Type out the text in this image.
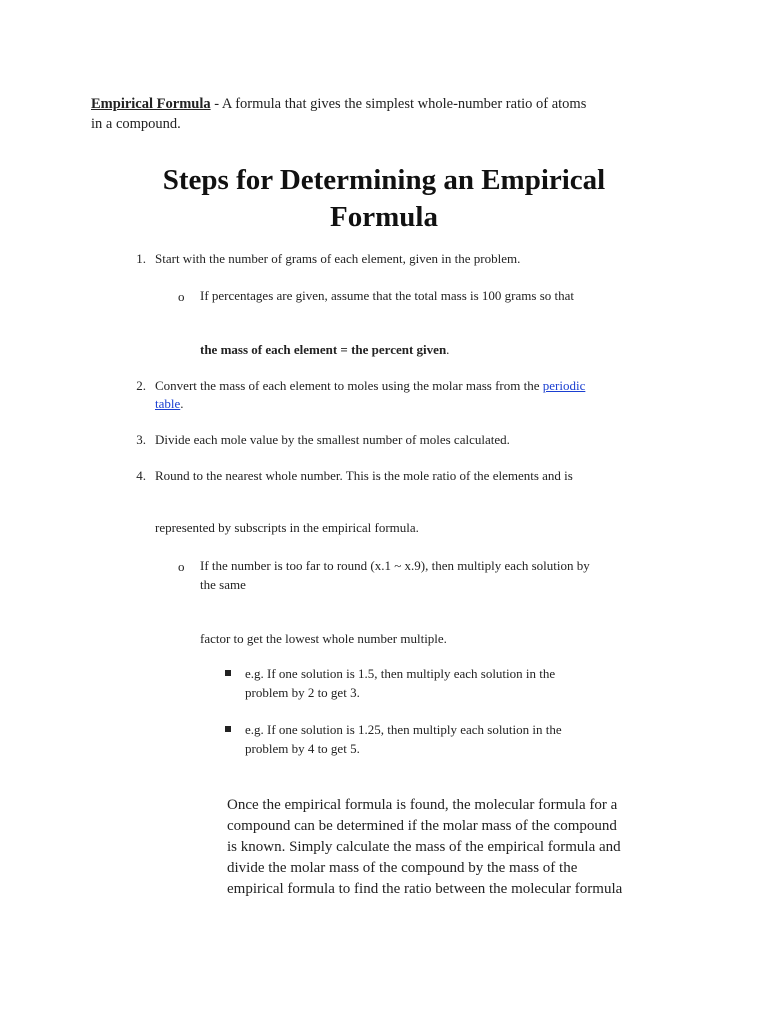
Empirical Formula - A formula that gives the simplest whole-number ratio of atoms
in a compound.
Steps for Determining an Empirical
Formula
1. Start with the number of grams of each element, given in the problem.
o	If percentages are given, assume that the total mass is 100 grams so that
the mass of each element = the percent given.
2. Convert the mass of each element to moles using the molar mass from the periodic
table.
3. Divide each mole value by the smallest number of moles calculated.
4. Round to the nearest whole number. This is the mole ratio of the elements and is
represented by subscripts in the empirical formula.
o	If the number is too far to round (x.1 ~ x.9), then multiply each solution by
the same
factor to get the lowest whole number multiple.
e.g. If one solution is 1.5, then multiply each solution in the
problem by 2 to get 3.
e.g. If one solution is 1.25, then multiply each solution in the
problem by 4 to get 5.
Once the empirical formula is found, the molecular formula for a
compound can be determined if the molar mass of the compound
is known. Simply calculate the mass of the empirical formula and
divide the molar mass of the compound by the mass of the
empirical formula to find the ratio between the molecular formula
